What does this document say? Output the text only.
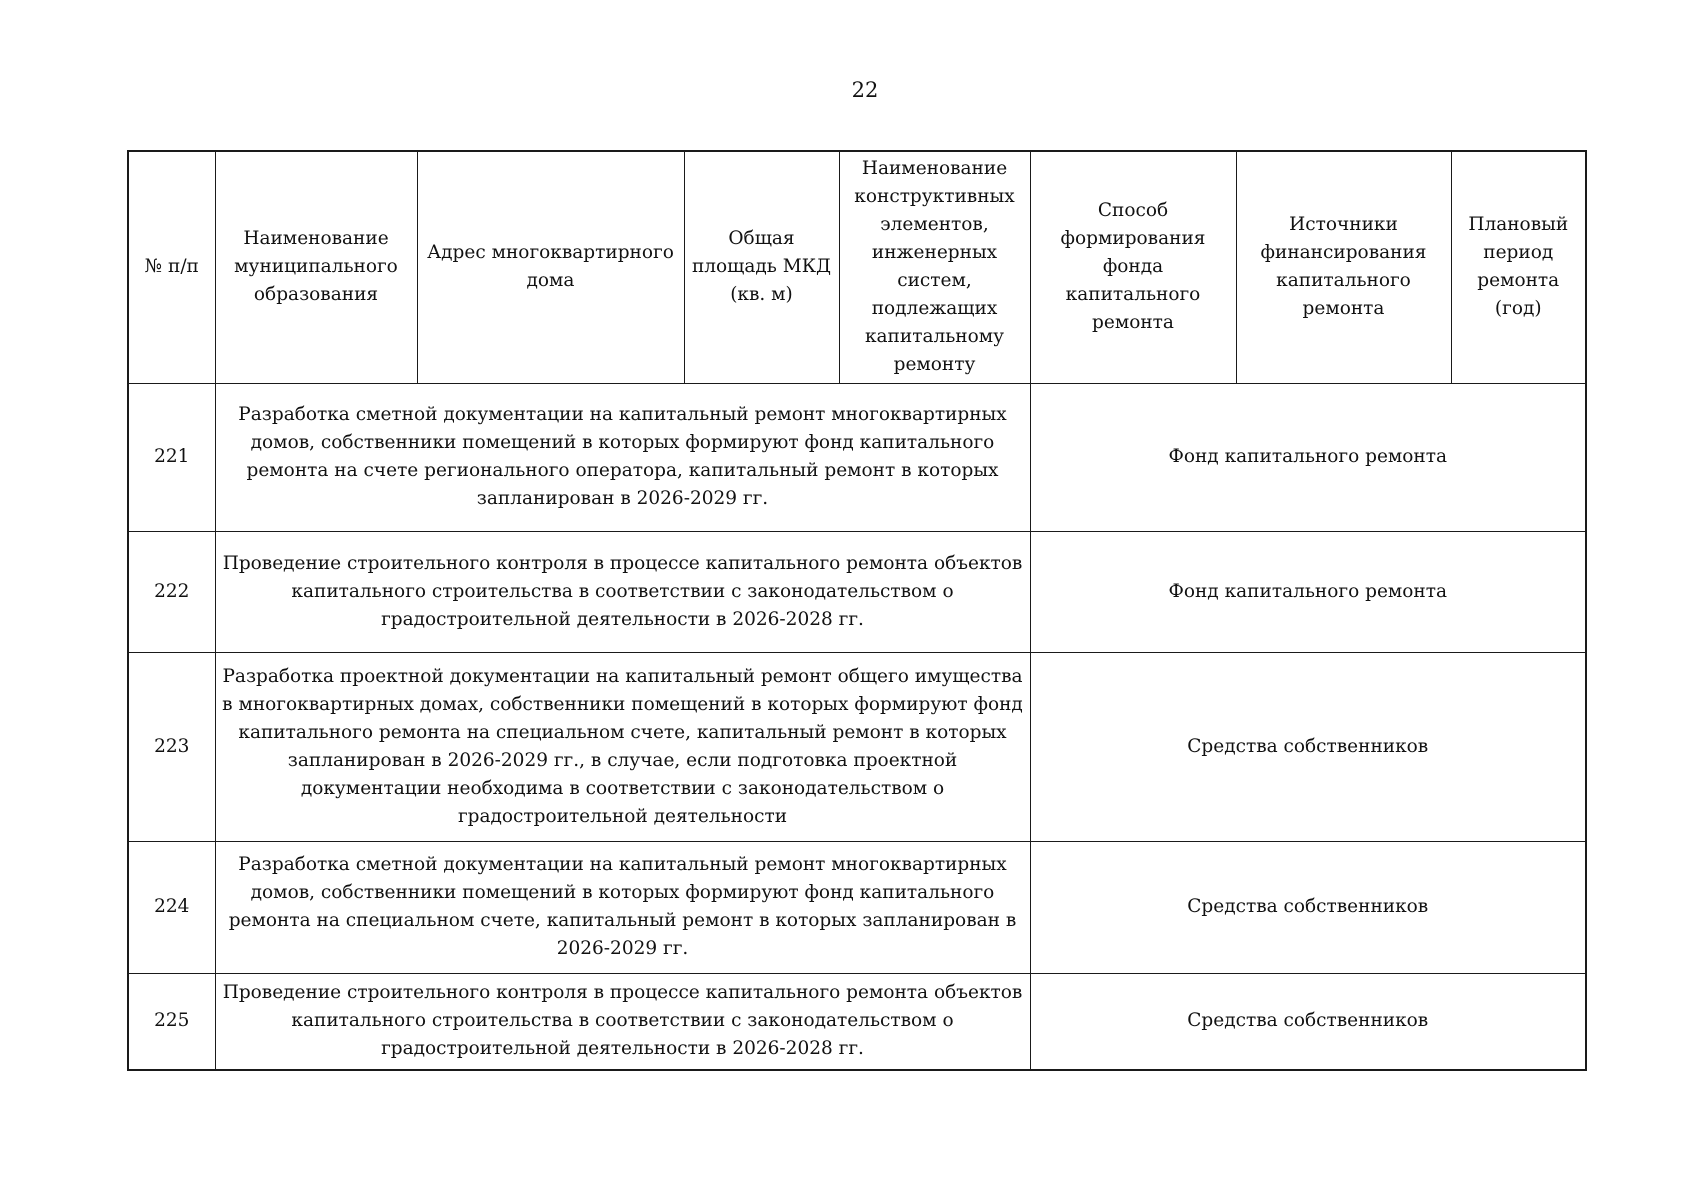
22
№ п/п	Наименование муниципального образования	Адрес многоквартирного дома	Общая площадь МКД (кв. м)	Наименование конструктивных элементов, инженерных систем, подлежащих капитальному ремонту	Способ формирования фонда капитального ремонта	Источники финансирования капитального ремонта	Плановый период ремонта (год)
221	Разработка сметной документации на капитальный ремонт многоквартирных домов, собственники помещений в которых формируют фонд капитального ремонта на счете регионального оператора, капитальный ремонт в которых запланирован в 2026-2029 гг.				Фонд капитального ремонта		
222	Проведение строительного контроля в процессе капитального ремонта объектов капитального строительства в соответствии с законодательством о градостроительной деятельности в 2026-2028 гг.				Фонд капитального ремонта		
223	Разработка проектной документации на капитальный ремонт общего имущества в многоквартирных домах, собственники помещений в которых формируют фонд капитального ремонта на специальном счете, капитальный ремонт в которых запланирован в 2026-2029 гг., в случае, если подготовка проектной документации необходима в соответствии с законодательством о градостроительной деятельности				Средства собственников		
224	Разработка сметной документации на капитальный ремонт многоквартирных домов, собственники помещений в которых формируют фонд капитального ремонта на специальном счете, капитальный ремонт в которых запланирован в 2026-2029 гг.				Средства собственников		
225	Проведение строительного контроля в процессе капитального ремонта объектов капитального строительства в соответствии с законодательством о градостроительной деятельности в 2026-2028 гг.				Средства собственников		
